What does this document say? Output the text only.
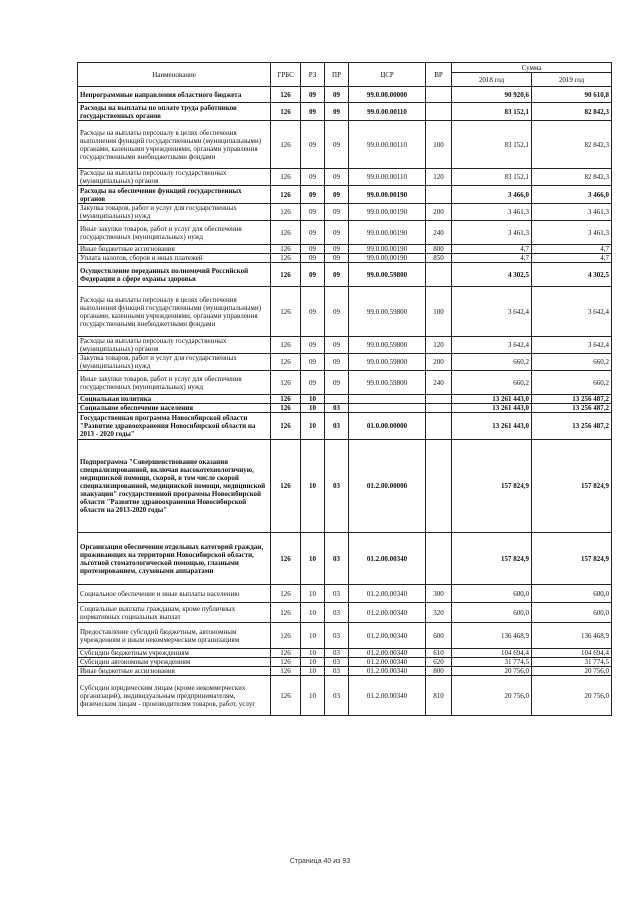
Наименование	ГРБС	РЗ	ПР	ЦСР	ВР	Сумма	
						2018 год	2019 год
Непрограммные направления областного бюджета	126	09	09	99.0.00.00000		90 920,6	90 610,8
Расходы на выплаты по оплате труда работников государственных органов	126	09	09	99.0.00.00110		83 152,1	82 842,3
Расходы на выплаты персоналу в целях обеспечения выполнения функций государственными (муниципальными) органами, казенными учреждениями, органами управления государственными внебюджетными фондами	126	09	09	99.0.00.00110	100	83 152,1	82 842,3
Расходы на выплаты персоналу государственных (муниципальных) органов	126	09	09	99.0.00.00110	120	83 152,1	82 842,3
Расходы на обеспечение функций государственных органов	126	09	09	99.0.00.00190		3 466,0	3 466,0
Закупка товаров, работ и услуг для государственных (муниципальных) нужд	126	09	09	99.0.00.00190	200	3 461,3	3 461,3
Иные закупки товаров, работ и услуг для обеспечения государственных (муниципальных) нужд	126	09	09	99.0.00.00190	240	3 461,3	3 461,3
Иные бюджетные ассигнования	126	09	09	99.0.00.00190	800	4,7	4,7
Уплата налогов, сборов и иных платежей	126	09	09	99.0.00.00190	850	4,7	4,7
Осуществление переданных полномочий Российской Федерации в сфере охраны здоровья	126	09	09	99.0.00.59800		4 302,5	4 302,5
Расходы на выплаты персоналу в целях обеспечения выполнения функций государственными (муниципальными) органами, казенными учреждениями, органами управления государственными внебюджетными фондами	126	09	09	99.0.00.59800	100	3 642,4	3 642,4
Расходы на выплаты персоналу государственных (муниципальных) органов	126	09	09	99.0.00.59800	120	3 642,4	3 642,4
Закупка товаров, работ и услуг для государственных (муниципальных) нужд	126	09	09	99.0.00.59800	200	660,2	660,2
Иные закупки товаров, работ и услуг для обеспечения государственных (муниципальных) нужд	126	09	09	99.0.00.59800	240	660,2	660,2
Социальная политика	126	10				13 261 443,0	13 256 487,2
Социальное обеспечение населения	126	10	03			13 261 443,0	13 256 487,2
Государственная программа Новосибирской области "Развитие здравоохранения Новосибирской области на 2013 - 2020 годы"	126	10	03	01.0.00.00000		13 261 443,0	13 256 487,2
Подпрограмма "Совершенствование оказания специализированной, включая высокотехнологичную, медицинской помощи, скорой, в том числе скорой специализированной, медицинской помощи, медицинской эвакуации" государственной программы Новосибирской области "Развитие здравоохранения Новосибирской области на 2013-2020 годы"	126	10	03	01.2.00.00000		157 824,9	157 824,9
Организация обеспечения отдельных категорий граждан, проживающих на территории Новосибирской области, льготной стоматологической помощью, глазными протезированием, слуховыми аппаратами	126	10	03	01.2.00.00340		157 824,9	157 824,9
Социальное обеспечение и иные выплаты населению	126	10	03	01.2.00.00340	300	600,0	600,0
Социальные выплаты гражданам, кроме публичных нормативных социальных выплат	126	10	03	01.2.00.00340	320	600,0	600,0
Предоставление субсидий бюджетным, автономным учреждениям и иным некоммерческим организациям	126	10	03	01.2.00.00340	600	136 468,9	136 468,9
Субсидии бюджетным учреждениям	126	10	03	01.2.00.00340	610	104 694,4	104 694,4
Субсидии автономным учреждениям	126	10	03	01.2.00.00340	620	31 774,5	31 774,5
Иные бюджетные ассигнования	126	10	03	01.2.00.00340	800	20 756,0	20 756,0
Субсидии юридическим лицам (кроме некоммерческих организаций), индивидуальным предпринимателям, физическим лицам - производителям товаров, работ, услуг	126	10	03	01.2.00.00340	810	20 756,0	20 756,0
Страница 40 из 93
